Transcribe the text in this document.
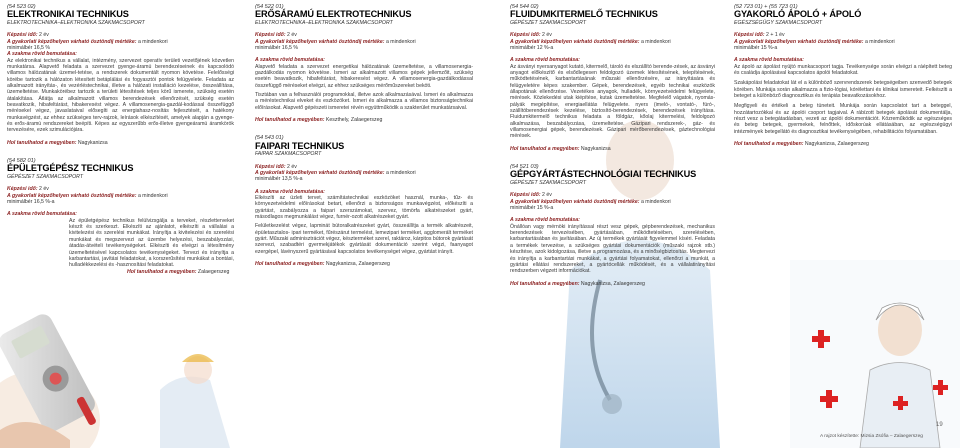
(54 523 02)
ELEKTRONIKAI TECHNIKUS
ELEKTROTECHNIKA–ELEKTRONIKA SZAKMACSOPORT
Képzési idő: 2 év
A gyakorlati képzőhelyen várható ösztöndíj mértéke: a mindenkori
minimálbér 16,5 %
A szakma rövid bemutatása:
Az elektronikai technikus a vállalat, intézmény, szervezet operatív területi vezetőjének közvetlen munkatársa. Alapvető feladata a szervezet gyenge-áramú berendezéseinek és kapcsolódó villamos hálózatának üzemel-tetése, a rendszerek dokumentált nyomon követése. Felelősségi körébe tartozik a hálózaton létesített betáplálási és fogyasztói pontok felügyelete. Feladata az alkalmazott irányítás-, és vezérléstechnikai, illetve a hálózati installáció kezelése, összeállítása, üzemeltetése. Munkakörébez tartozik a területi létesítések teljes körű ismerete, szükség esetén átalakítása. Átlátja az alkalmazott villamos berendezések ellenőrzését, szükség esetén beavatkozik, hibafeltárást, hibakeresést végez. A villamosenergia-gazdál-kodással összefüggő mérésekel végez, javaslataival elősegíti az energiahasz-nosítás fejlesztését, a hatékony munkavégzést, az ehhez szükséges terv-rajzok, leírások elkészítését, amelyek alapján a gyenge- és erős-áramú rendszereket beépíti. Képes az egyszerűbb erős-illetve gyengeáramú áramkörök tervezésére, ezek szimulációjára.
Hol tanulhatod a megyében: Nagykanizsa
(54 582 01)
ÉPÜLETGÉPÉSZ TECHNIKUS
GÉPÉSZET SZAKMACSOPORT
Képzési idő: 2 év
A gyakorlati képzőhelyen várható ösztöndíj mértéke: a mindenkori
minimálbér 16,5 %-a
A szakma rövid bemutatása:
Az épületgépész technikus felülvizsgálja a terveket, részletterveket készít és szerkeszt. Elkészíti az ajánlatot, elkészíti a vállalási a kivitelezési és szerelési munkákat. Irányítja a kivitelezési és szerelési munkákat és megszervezi az üzembe helyezési, beszabályozási, átadás-átvételi tevékenységeket. Elkészíti és elvégzi a létesítmény üzemeltetésével kapcsolatos tevékenységeket. Tervezi és irányítja a karbantartási, javítási feladatokat, a korszerűsítési munkákat a bontási, hulladékkezelési és -hasznosítási feladatokat.
Hol tanulhatod a megyében: Zalaegerszeg
(54 522 01)
ERŐSÁRAMÚ ELEKTROTECHNIKUS
ELEKTROTECHNIKA–ELEKTRONIKA SZAKMACSOPORT
Képzési idő: 2 év
A gyakorlati képzőhelyen várható ösztöndíj mértéke: a mindenkori
minimálbér 16,5 %
A szakma rövid bemutatása:
Alapvető feladata a szervezet energetikai hálózatának üzemeltetése, a villamosenergia-gazdálkodás nyomon követése. Ismeri az alkalmazott villamos gépek jellemzőit, szükség esetén beavatkozik, hibafeltárást, hibakeresést végez. A villamosenergia-gazdálkodással összefüggő méréseket elvégzi, az ehhez szükséges mérőműszereket beköti.
Tisztában van a felhasználói programokkal, illetve azok alkalmazásával. Ismeri és alkalmazza a méréstechnikai elveket és eszközöket. Ismeri és alkalmazza a villamos biztonságtechnikai előírásokat. Alapvető gépészeti ismeretei révén együttműködik a szakterület munkatársaival.
Hol tanulhatod a megyében: Keszthely, Zalaegerszeg
(54 543 01)
FAIPARI TECHNIKUS
FAIPAR SZAKMACSOPORT
Képzési idő: 2 év
A gyakorlati képzőhelyen várható ösztöndíj mértéke: a mindenkori
minimálbér 13,5 %-a
A szakma rövid bemutatása:
Elkészíti az üzleti tervet, számítástechnikai eszközöket használ, munka-, tűz- és környezetvédelmi előírásokat betart, ellenőrzi a biztonságos munkavégzést, előkészíti a gyártást, szabályozza a faipari szerszámokat, szervez, tömörfa alkatrészeket gyárt, másodlagos megmunkálást végez, furnér-ozott alkatrészeket gyárt.
Felületkezelést végez, lapminát bútoralkatrészeket gyárt, összeállítja a termék alkatrészeit, épületasztalos- ipari terméket, fűrészárut termelést, lemezipari terméket, agglomerált terméket gyárt. Műszaki adminisztrációt végez, készterméket szerel, raktároz, kárpitos bútorok gyártását szervezi, szabadtéri gyermekjátékok gyártását dokumentáció szerint végzi, faanyagot ezergépel, lávényszerű gyártásával kapcsolatos tevékenységet végez, gyártást irányít.
Hol tanulhatod a megyében: Nagykanizsa, Zalaegerszeg
(54 544 02)
FLUIDUMKITERMELŐ TECHNIKUS
GÉPÉSZET SZAKMACSOPORT
Képzési idő: 2 év
A gyakorlati képzőhelyen várható ösztöndíj mértéke: a mindenkori
minimálbér 12 %-a
A szakma rövid bemutatása:
Az ásványi nyersanyagot kutató, kitermelő, tároló és elszállító berende-zések, az ásványi anyagot előkészítő és elsődlegesen feldolgozó üzemek létesítésének, telepítésének, működtetésének, karbantartásának műszaki ellenőrzésére, az irányítására és felügyeletére képes szakember. Gépek, berendezések, egyéb technikai eszközök állapotának ellenőrzése. Vezetékes anyagok, hulladék, környezetvédelmi felügyelete, mérések. Közlekedési utak kiépítése, kutak üzemeltetése. Megfelelő vágatok, nyomás-pályák megépítése, energiaellátás felügyelete. nyers (imeló-, vontató-, fúró-, szállítóberendezések kezelése, biztosító-berendezések, berendezések irányítása. Fluidumkitermelő technikus feladata a földgáz, kőolaj kitermelési, feldolgozó alkalmazása, beszabályozása, üzemeltetése. Gázipari rendszerek-, gáz- és villamosenergiai gépek, berendezések. Gázipari mérőberendezések, gáztechnológiai mérések.
Hol tanulhatod a megyében: Nagykanizsa
(54 521 03)
GÉPGYÁRTÁSTECHNOLÓGIAI TECHNIKUS
GÉPÉSZET SZAKMACSOPORT
Képzési idő: 2 év
A gyakorlati képzőhelyen várható ösztöndíj mértéke: a mindenkori
minimálbér 15 %-a
A szakma rövid bemutatása:
Önállóan vagy mérnöki irányítással részt vesz gépek, gépberendezések, mechanikus berendezések tervezésében, gyártásában, működtetésében, szerelésében, karbantartásában és javításában. Az új termékek gyártását figyelemmel kíséri. Feladata a termékek tervezése, a szükséges gyártási dokumentációk (műszaki rajzok stb.) készítése, azok kidolgozása, illetve a programozása, és a minőségbiztosítás. Megtervezi és irányítja a karbantartási munkákat, a gyártási folyamatokat, ellenőrzi a munkát, a gyártási ellátási rendszereket, a gyártócellák működését, és a vállalatirányítási rendszerben végzett információkat.
Hol tanulhatod a megyében: Nagykanizsa, Zalaegerszeg
(52 723 01) + (55 723 01)
GYAKORLÓ ÁPOLÓ + ÁPOLÓ
EGÉSZSÉGÜGY SZAKMACSOPORT
Képzési idő: 2 + 1 év
A gyakorlati képzőhelyen várható ösztöndíj mértéke: a mindenkori
minimálbér 15 %-a
A szakma rövid bemutatása:
Az ápoló az ápolást nyújtó munkacsoport tagja. Tevékenysége során elvégzi a ráépített beteg és családja ápolásával kapcsolatos ápolói feladatokat.
Szakápolási feladatokat lát el a különböző szervrendszerek betegségeiben szenvedő betegek körében. Munkája során alkalmazza a fizio-lógiai, kórélettani és klinikai ismereteit. Felkészíti a beteget a különböző diagnosztikus és terápiás beavatkozásokhoz.
Megfigyeli és értékeli a beteg tüneteit. Munkája során kapcsolatot tart a beteggel, hozzátartozókkal és az ápolói csoport tagjaival. A rábízott betegek ápolását dokumentálja, részt vesz a betegátadásban, vezeti az ápolói dokumentációt. Közreműködik az egészséges és beteg betegek, gyermekek, felnőttek, időskorúak ellátásában, az egészségügyi intézmények betegellátó és diagnosztikai tevékenységében, rehabilitációs folyamatában.
Hol tanulhatod a megyében: Nagykanizsa, Zalaegerszeg
A rajzot készítette: Mizsia Zsófia – Zalaegerszeg
19
